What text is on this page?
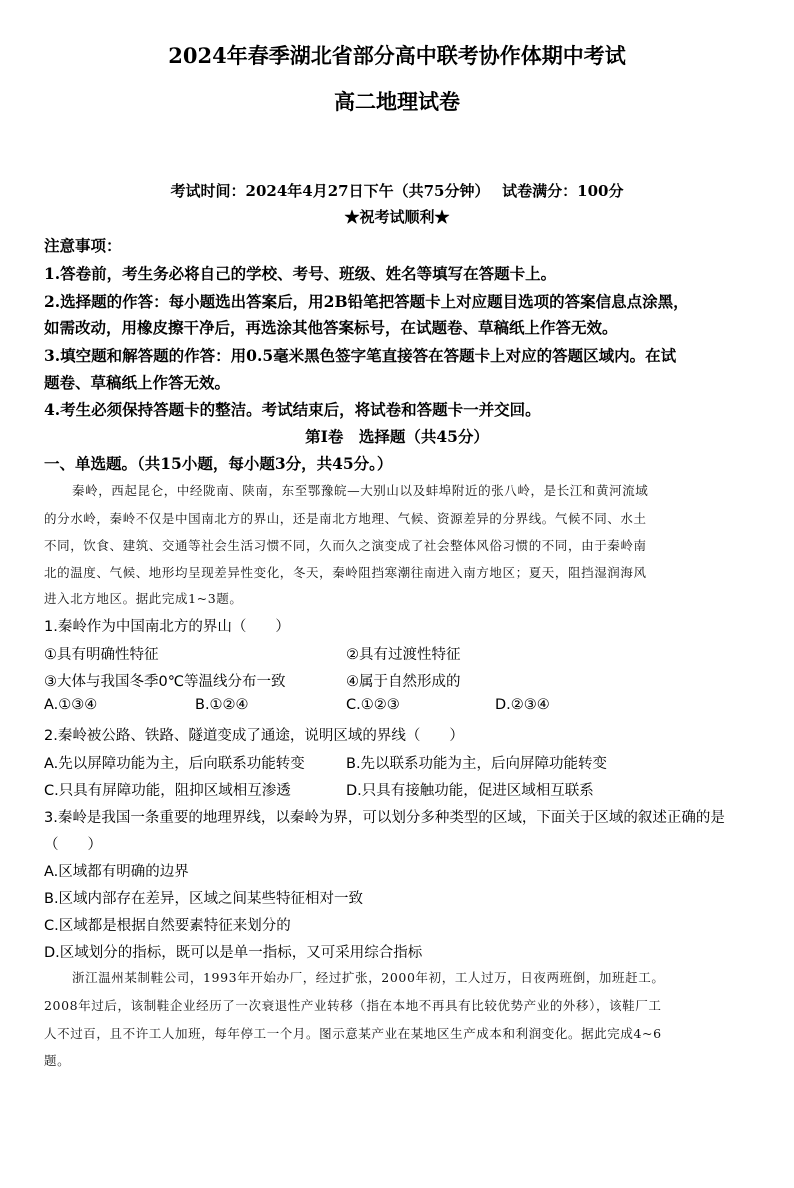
2024年春季湖北省部分高中联考协作体期中考试
高二地理试卷
考试时间：2024年4月27日下午（共75分钟）　 试卷满分：100分
★祝考试顺利★
注意事项：
1.答卷前，考生务必将自己的学校、考号、班级、姓名等填写在答题卡上。
2.选择题的作答：每小题选出答案后，用2B铅笔把答题卡上对应题目选项的答案信息点涂黑，
如需改动，用橡皮擦干净后，再选涂其他答案标号，在试题卷、草稿纸上作答无效。
3.填空题和解答题的作答：用0.5毫米黑色签字笔直接答在答题卡上对应的答题区域内。在试
题卷、草稿纸上作答无效。
4.考生必须保持答题卡的整洁。考试结束后，将试卷和答题卡一并交回。
第Ⅰ卷　选择题（共45分）
一、单选题。（共15小题，每小题3分，共45分。）
秦岭，西起昆仑，中经陇南、陕南，东至鄂豫皖—大别山以及蚌埠附近的张八岭，是长江和黄河流域
的分水岭，秦岭不仅是中国南北方的界山，还是南北方地理、气候、资源差异的分界线。气候不同、水土
不同，饮食、建筑、交通等社会生活习惯不同，久而久之演变成了社会整体风俗习惯的不同，由于秦岭南
北的温度、气候、地形均呈现差异性变化，冬天，秦岭阻挡寒潮往南进入南方地区；夏天，阻挡湿润海风
进入北方地区。据此完成1~3题。
1.秦岭作为中国南北方的界山（　　）
①具有明确性特征	②具有过渡性特征
③大体与我国冬季0℃等温线分布一致	④属于自然形成的
A.①③④	B.①②④	C.①②③	D.②③④
2.秦岭被公路、铁路、隧道变成了通途，说明区域的界线（　　）
A.先以屏障功能为主，后向联系功能转变	B.先以联系功能为主，后向屏障功能转变
C.只具有屏障功能，阻抑区域相互渗透	D.只具有接触功能，促进区域相互联系
3.秦岭是我国一条重要的地理界线，以秦岭为界，可以划分多种类型的区域，下面关于区域的叙述正确的是
（　　）
A.区域都有明确的边界
B.区域内部存在差异，区域之间某些特征相对一致
C.区域都是根据自然要素特征来划分的
D.区域划分的指标，既可以是单一指标，又可采用综合指标
浙江温州某制鞋公司，1993年开始办厂，经过扩张，2000年初，工人过万，日夜两班倒，加班赶工。
2008年过后，该制鞋企业经历了一次衰退性产业转移（指在本地不再具有比较优势产业的外移），该鞋厂工
人不过百，且不许工人加班，每年停工一个月。图示意某产业在某地区生产成本和利润变化。据此完成4~6
题。
